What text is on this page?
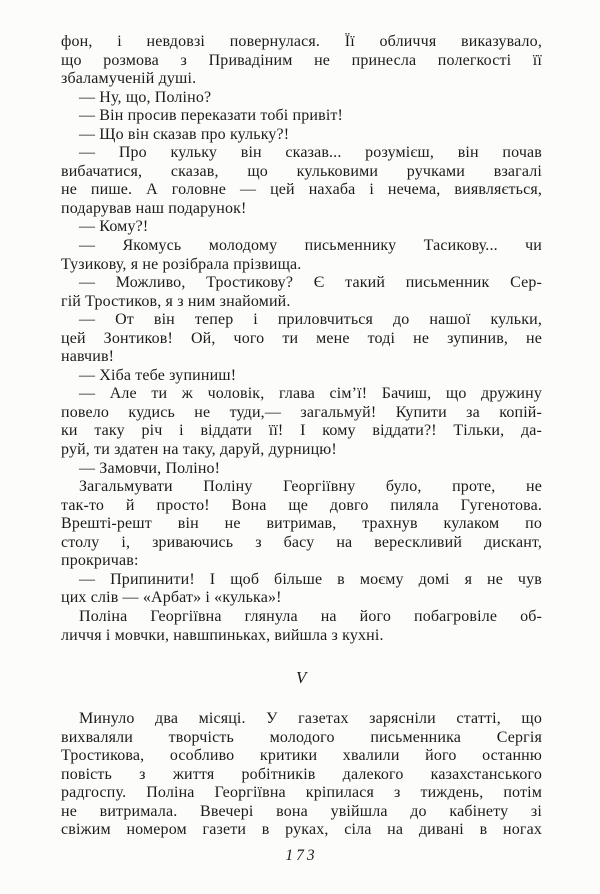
фон, і невдовзі повернулася. Її обличчя виказувало,
що розмова з Привадіним не принесла полегкості її
збаламученій душі.
— Ну, що, Поліно?
— Він просив переказати тобі привіт!
— Що він сказав про кульку?!
— Про кульку він сказав... розумієш, він почав
вибачатися, сказав, що кульковими ручками взагалі
не пише. А головне — цей нахаба і нечема, виявляється,
подарував наш подарунок!
— Кому?!
— Якомусь молодому письменнику Тасикову... чи
Тузикову, я не розібрала прізвища.
— Можливо, Тростикову? Є такий письменник Сер-
гій Тростиков, я з ним знайомий.
— От він тепер і приловчиться до нашої кульки,
цей Зонтиков! Ой, чого ти мене тоді не зупинив, не
навчив!
— Хіба тебе зупиниш!
— Але ти ж чоловік, глава сім’ї! Бачиш, що дружину
повело кудись не туди,— загальмуй! Купити за копій-
ки таку річ і віддати її! І кому віддати?! Тільки, да-
руй, ти здатен на таку, даруй, дурницю!
— Замовчи, Поліно!
Загальмувати Поліну Георгіївну було, проте, не
так-то й просто! Вона ще довго пиляла Гугенотова.
Врешті-решт він не витримав, трахнув кулаком по
столу і, зриваючись з басу на верескливий дискант,
прокричав:
— Припинити! І щоб більше в моєму домі я не чув
цих слів — «Арбат» і «кулька»!
Поліна Георгіївна глянула на його побагровіле об-
личчя і мовчки, навшпиньках, вийшла з кухні.
V
Минуло два місяці. У газетах зарясніли статті, що
вихваляли творчість молодого письменника Сергія
Тростикова, особливо критики хвалили його останню
повість з життя робітників далекого казахстанського
радгоспу. Поліна Георгіївна кріпилася з тиждень, потім
не витримала. Ввечері вона увійшла до кабінету зі
свіжим номером газети в руках, сіла на дивані в ногах
173
